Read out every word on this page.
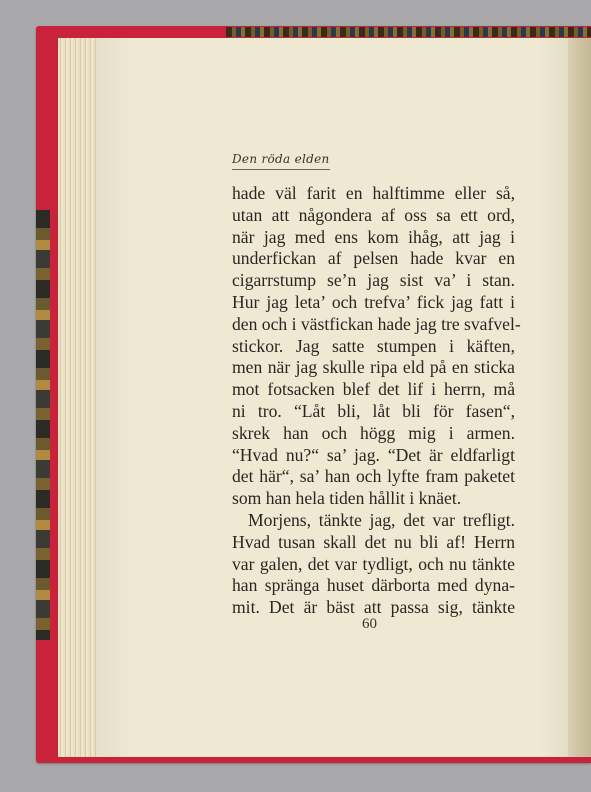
Den röda elden
hade väl farit en halftimme eller så,
utan att någondera af oss sa ett ord,
när jag med ens kom ihåg, att jag i
underfickan af pelsen hade kvar en
cigarrstump se’n jag sist va’ i stan.
Hur jag leta’ och trefva’ fick jag fatt i
den och i västfickan hade jag tre svafvel-
stickor. Jag satte stumpen i käften,
men när jag skulle ripa eld på en sticka
mot fotsacken blef det lif i herrn, må
ni tro. “Låt bli, låt bli för fasen“,
skrek han och högg mig i armen.
“Hvad nu?“ sa’ jag. “Det är eldfarligt
det här“, sa’ han och lyfte fram paketet
som han hela tiden hållit i knäet.
Morjens, tänkte jag, det var trefligt.
Hvad tusan skall det nu bli af! Herrn
var galen, det var tydligt, och nu tänkte
han spränga huset därborta med dyna-
mit. Det är bäst att passa sig, tänkte
60
